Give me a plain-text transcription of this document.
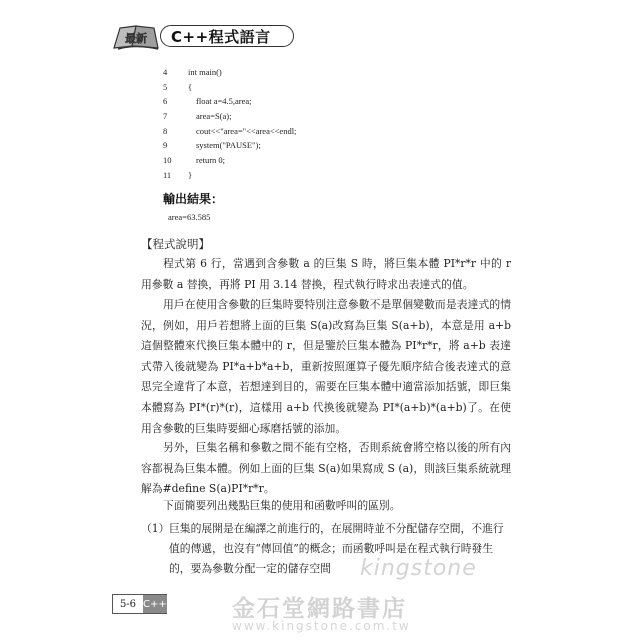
最新 C++程式語言
4	int main()
5	{
6	float a=4.5,area;
7	area=S(a);
8	cout<<"area="<<area<<endl;
9	system("PAUSE");
10	return 0;
11	}
輸出結果：
area=63.585
【程式說明】

程式第 6 行，當遇到含參數 a 的巨集 S 時，將巨集本體 PI*r*r 中的 r 用參數 a 替換，再將 PI 用 3.14 替換，程式執行時求出表達式的值。

用戶在使用含參數的巨集時要特別注意參數不是單個變數而是表達式的情況，例如，用戶若想將上面的巨集 S(a)改寫為巨集 S(a+b)，本意是用 a+b 這個整體來代換巨集本體中的 r，但是鑒於巨集本體為 PI*r*r，將 a+b 表達式帶入後就變為 PI*a+b*a+b，重新按照運算子優先順序結合後表達式的意思完全違背了本意，若想達到目的，需要在巨集本體中適當添加括號，即巨集本體寫為 PI*(r)*(r)，這樣用 a+b 代換後就變為 PI*(a+b)*(a+b)了。在使用含參數的巨集時要細心琢磨括號的添加。

另外，巨集名稱和參數之間不能有空格，否則系統會將空格以後的所有內容都視為巨集本體。例如上面的巨集 S(a)如果寫成 S (a)，則該巨集系統就理解為#define S(a)PI*r*r。

下面簡要列出幾點巨集的使用和函數呼叫的區別。

（1） 巨集的展開是在編譯之前進行的，在展開時並不分配儲存空間，不進行值的傳遞，也沒有“傳回值”的概念；而函數呼叫是在程式執行時發生的，要為參數分配一定的儲存空間	kingstone
金石堂網路書店
www.kingstone.com.tw
5-6 C++
